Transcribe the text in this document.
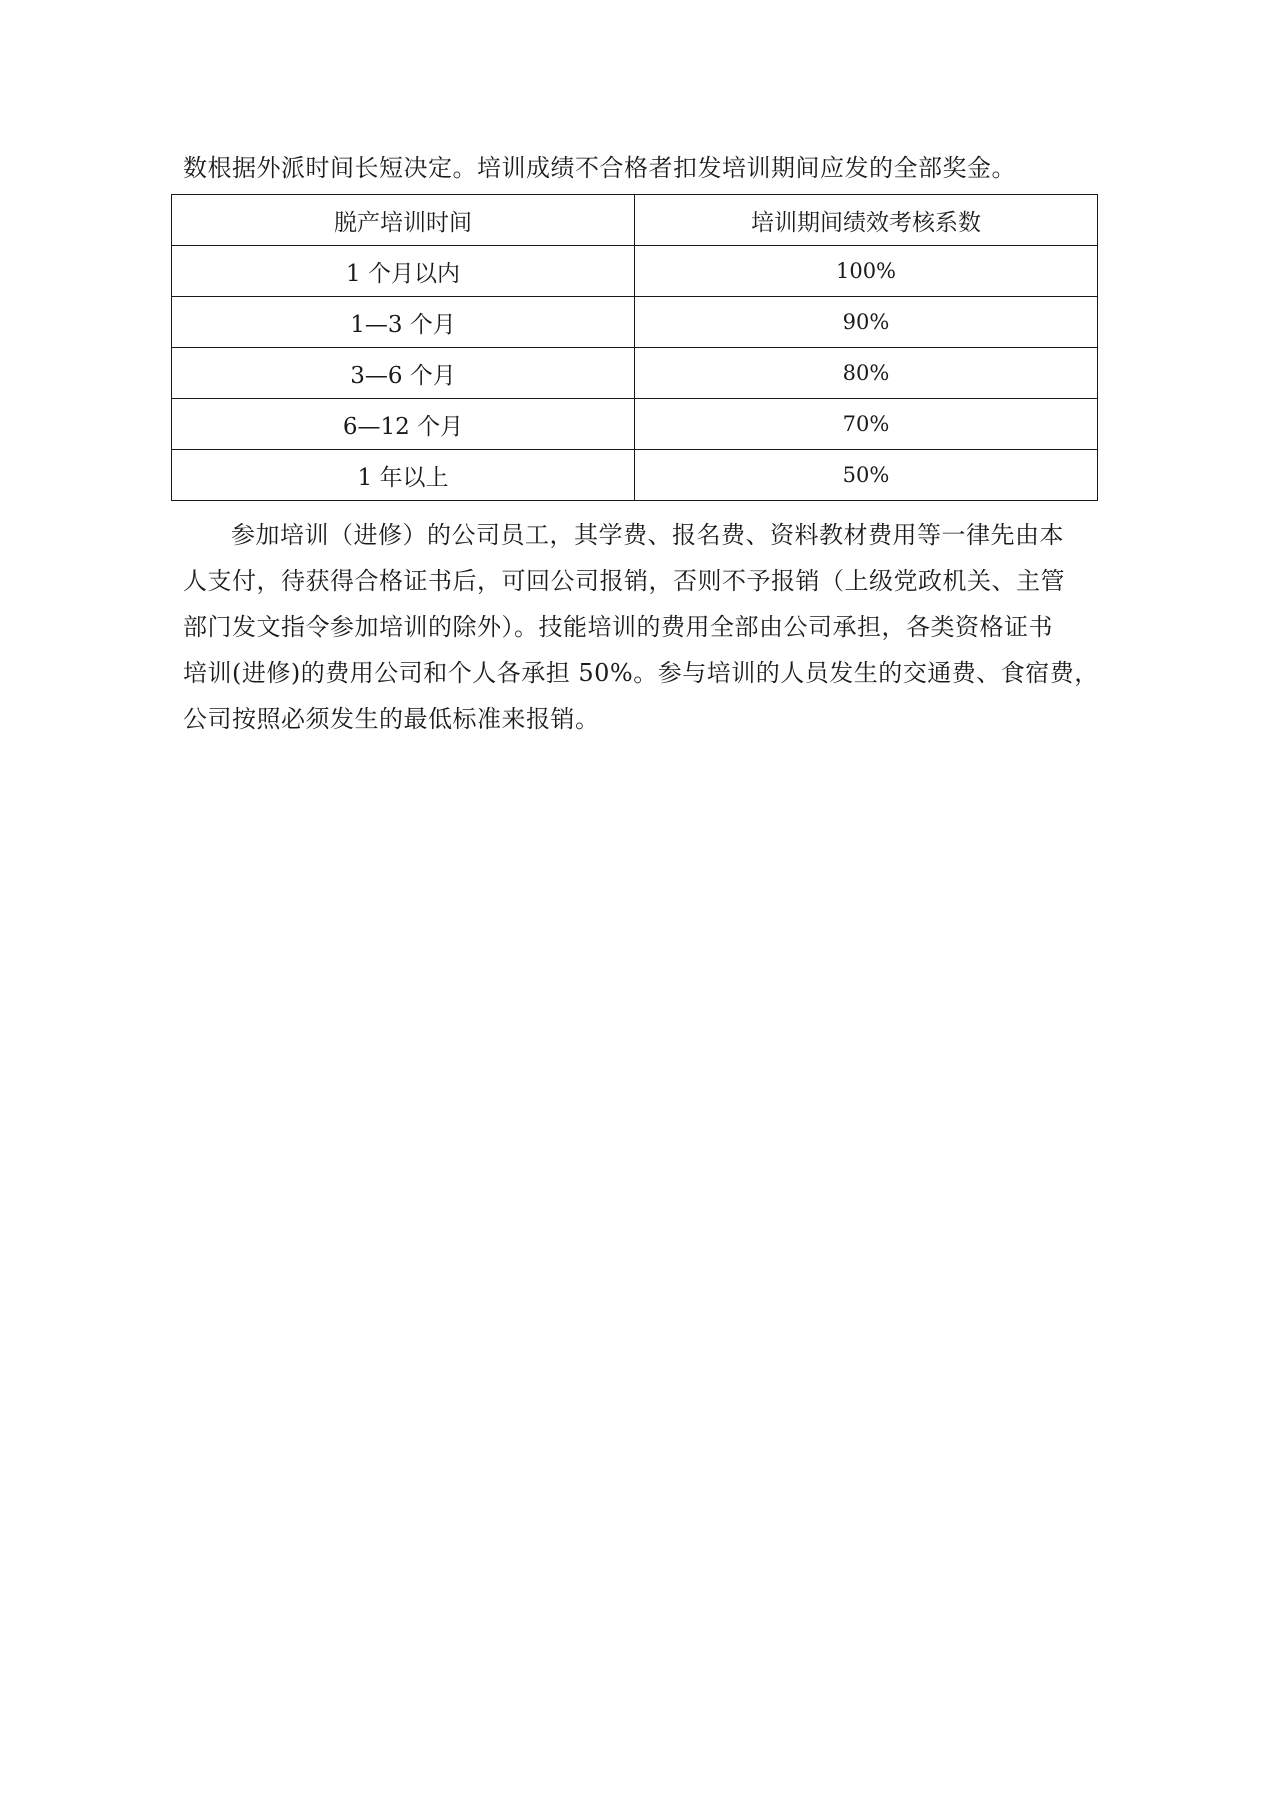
数根据外派时间长短决定。培训成绩不合格者扣发培训期间应发的全部奖金。
脱产培训时间	培训期间绩效考核系数
1 个月以内	100%
1—3 个月	90%
3—6 个月	80%
6—12 个月	70%
1 年以上	50%
参加培训（进修）的公司员工，其学费、报名费、资料教材费用等一律先由本
人支付，待获得合格证书后，可回公司报销，否则不予报销（上级党政机关、主管
部门发文指令参加培训的除外）。技能培训的费用全部由公司承担，各类资格证书
培训(进修)的费用公司和个人各承担 50%。参与培训的人员发生的交通费、食宿费，
公司按照必须发生的最低标准来报销。
